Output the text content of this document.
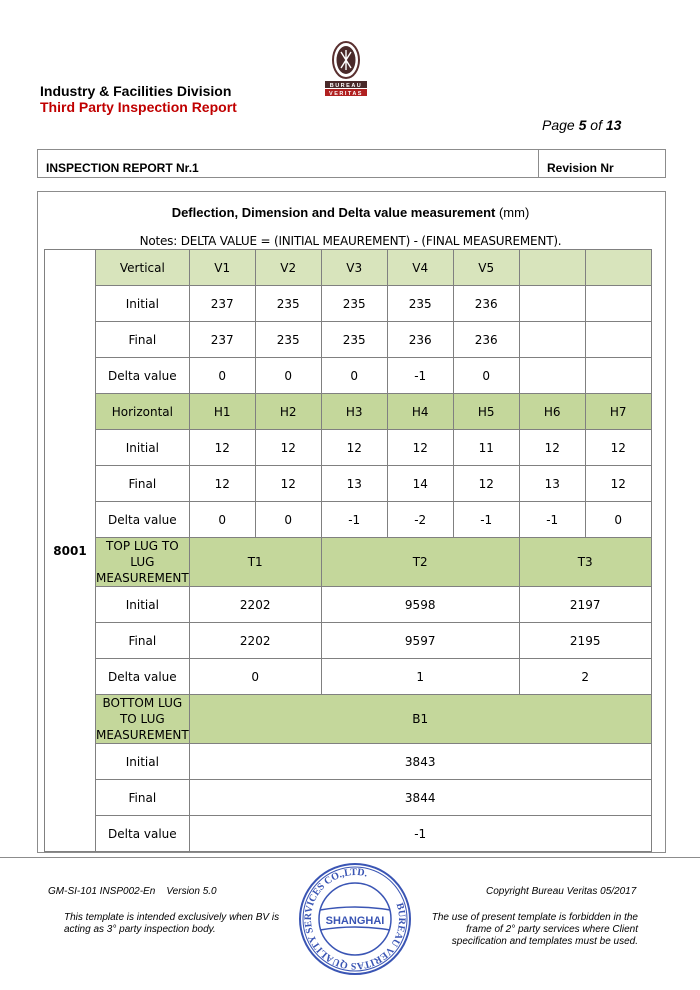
Industry & Facilities Division
Third Party Inspection Report
BUREAU
VERITAS
Page 5 of 13
INSPECTION REPORT Nr.1	Revision Nr
Deflection, Dimension and Delta value measurement (mm)
Notes: DELTA VALUE = (INITIAL MEAUREMENT) - (FINAL MEASUREMENT).
8001	Vertical	V1	V2	V3	V4	V5		
	Initial	237	235	235	235	236		
	Final	237	235	235	236	236		
	Delta value	0	0	0	-1	0		
	Horizontal	H1	H2	H3	H4	H5	H6	H7
	Initial	12	12	12	12	11	12	12
	Final	12	12	13	14	12	13	12
	Delta value	0	0	-1	-2	-1	-1	0
	TOP LUG TO LUG MEASUREMENT	T1		T2			T3	
	Initial	2202		9598			2197	
	Final	2202		9597			2195	
	Delta value	0		1			2	
	BOTTOM LUG TO LUG MEASUREMENT	B1						
	Initial	3843						
	Final	3844						
	Delta value	-1						
GM-SI-101 INSP002-En    Version 5.0
This template is intended exclusively when BV is acting as 3° party inspection body.
Copyright Bureau Veritas 05/2017
The use of present template is forbidden in the frame of 2° party services where Client specification and templates must be used.
BUREAU VERITAS QUALITY SERVICES CO.,LTD.
SHANGHAI
